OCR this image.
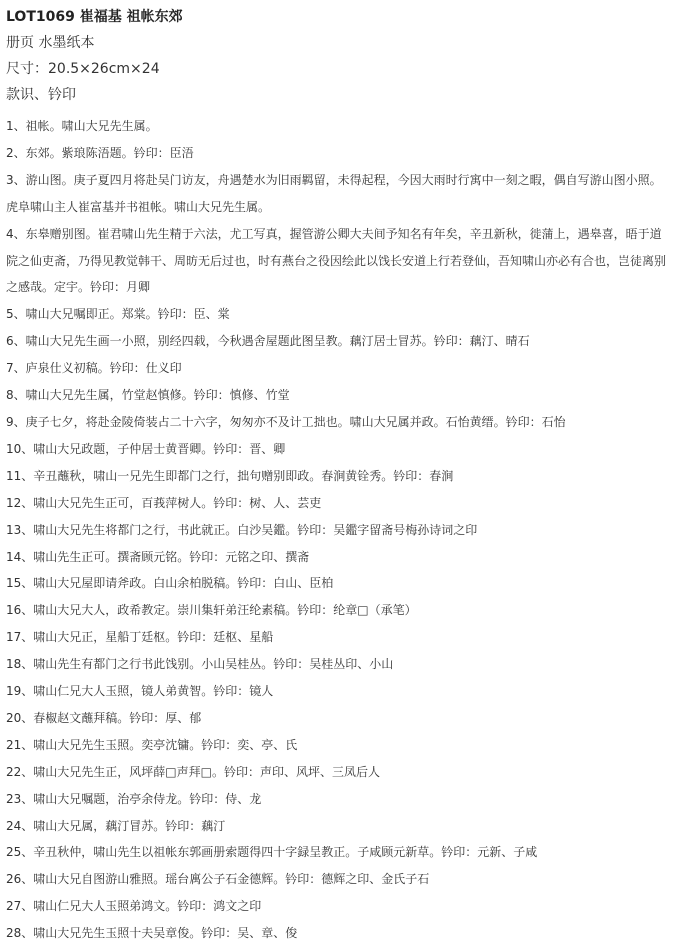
LOT1069 崔福基 祖帐东郊
册页 水墨纸本
尺寸：20.5×26cm×24
款识、钤印
1、祖帐。啸山大兄先生属。
2、东郊。紫琅陈浯题。钤印：臣浯
3、游山图。庚子夏四月将赴吴门访友，舟遇楚水为旧雨羁留，未得起程，今因大雨时行寓中一刻之暇，偶自写游山图小照。虎阜啸山主人崔富基并书祖帐。啸山大兄先生属。
4、东皋赠别图。崔君啸山先生精于六法，尤工写真，握管游公卿大夫间予知名有年矣，辛丑新秋，徙蒲上，遇皋喜，晤于道院之仙吏斋，乃得见教觉韩干、周昉无后过也，时有燕台之役因绘此以饯长安道上行若登仙，吾知啸山亦必有合也，岂徒离别之感哉。定宇。钤印：月卿
5、啸山大兄嘱即正。郑棠。钤印：臣、棠
6、啸山大兄先生画一小照，别经四载，今秋遇舍屋题此图呈教。藕汀居士冒苏。钤印：藕汀、晴石
7、庐泉仕义初稿。钤印：仕义印
8、啸山大兄先生属，竹堂赵慎修。钤印：慎修、竹堂
9、庚子七夕，将赴金陵倚装占二十六字，匆匆亦不及计工拙也。啸山大兄属并政。石怡黄缙。钤印：石怡
10、啸山大兄政题，子仲居士黄晋卿。钤印：晋、卿
11、辛丑蘸秋，啸山一兄先生即都门之行，拙句赠别即政。春涧黄铨秀。钤印：春涧
12、啸山大兄先生正可，百莪萍树人。钤印：树、人、芸吏
13、啸山大兄先生将都门之行，书此就正。白沙吴鑑。钤印：吴鑑字留斋号梅孙诗词之印
14、啸山先生正可。撰斋顾元铭。钤印：元铭之印、撰斋
15、啸山大兄屋即请斧政。白山余柏脱稿。钤印：白山、臣柏
16、啸山大兄大人，政希教定。崇川集轩弟汪纶素稿。钤印：纶章□（承笔）
17、啸山大兄正，星船丁廷枢。钤印：廷枢、星船
18、啸山先生有都门之行书此饯别。小山吴桂丛。钤印：吴桂丛印、小山
19、啸山仁兄大人玉照，镜人弟黄智。钤印：镜人
20、春椒赵文蘸拜稿。钤印：厚、郁
21、啸山大兄先生玉照。奕亭沈镛。钤印：奕、亭、氏
22、啸山大兄先生正，风坪薛□声拜□。钤印：声印、风坪、三凤后人
23、啸山大兄嘱题，治亭余侍龙。钤印：侍、龙
24、啸山大兄属，藕汀冒苏。钤印：藕汀
25、辛丑秋仲，啸山先生以祖帐东郭画册索题得四十字録呈教正。子咸顾元新草。钤印：元新、子咸
26、啸山大兄自图游山雅照。瑶台庽公子石金德辉。钤印：德辉之印、金氏子石
27、啸山仁兄大人玉照弟鸿文。钤印：鸿文之印
28、啸山大兄先生玉照十夫吴章俊。钤印：吴、章、俊
